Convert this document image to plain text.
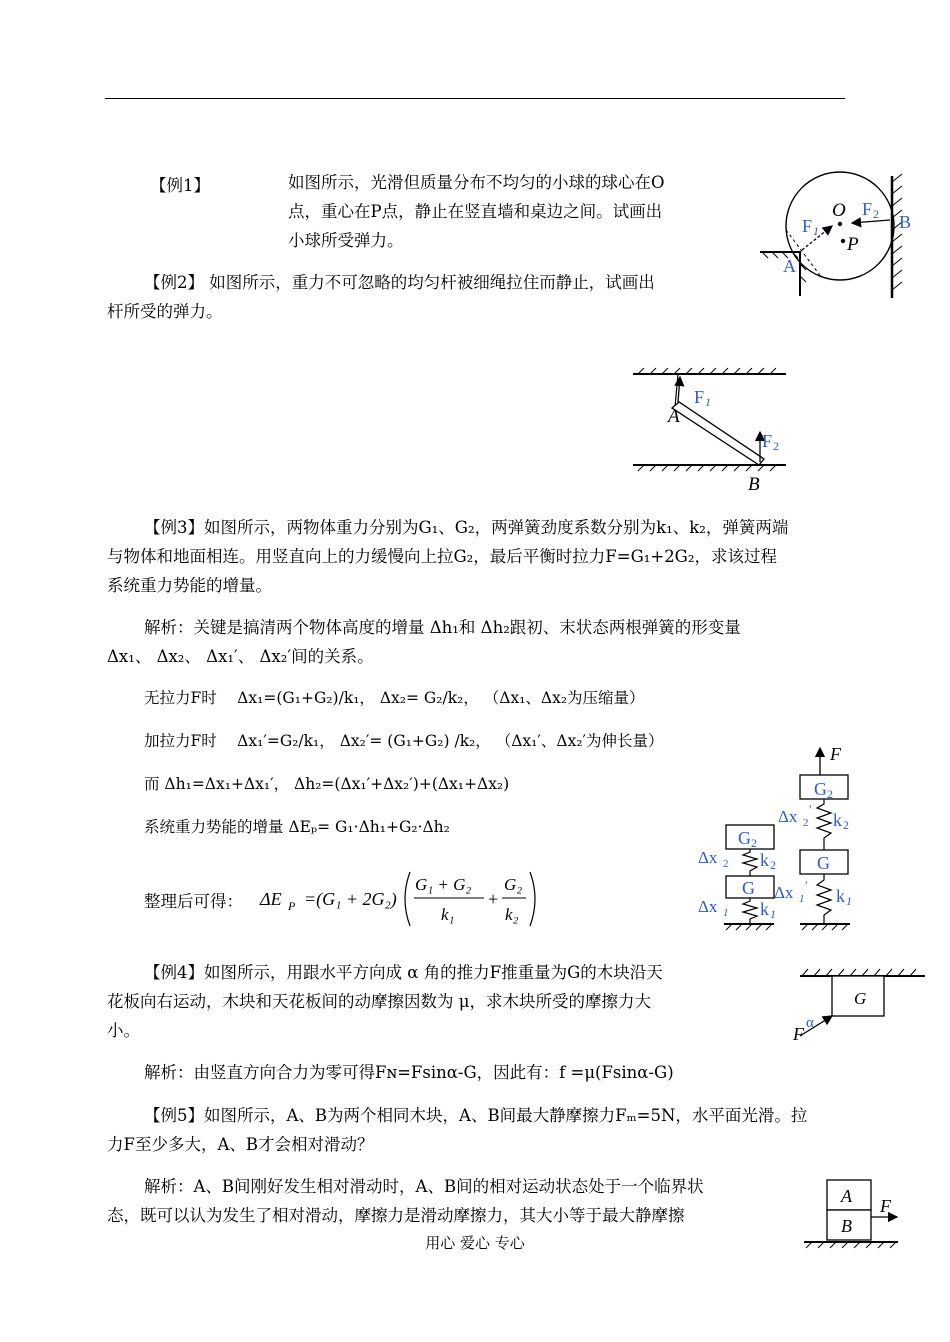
【例1】	如图所示，光滑但质量分布不均匀的小球的球心在O

点，重心在P点，静止在竖直墙和桌边之间。试画出

小球所受弹力。

【例2】 如图所示，重力不可忽略的均匀杆被细绳拉住而静止，试画出

杆所受的弹力。

【例3】如图所示，两物体重力分别为G₁、G₂，两弹簧劲度系数分别为k₁、k₂，弹簧两端

与物体和地面相连。用竖直向上的力缓慢向上拉G₂，最后平衡时拉力F=G₁+2G₂，求该过程

系统重力势能的增量。

解析：关键是搞清两个物体高度的增量 Δh₁和 Δh₂跟初、末状态两根弹簧的形变量

Δx₁、 Δx₂、 Δx₁′、 Δx₂′间的关系。

无拉力F时 　Δx₁=(G₁+G₂)/k₁， Δx₂= G₂/k₂， （Δx₁、Δx₂为压缩量）

加拉力F时 　Δx₁′=G₂/k₁， Δx₂′= (G₁+G₂) /k₂， （Δx₁′、Δx₂′为伸长量）

而 Δh₁=Δx₁+Δx₁′， Δh₂=(Δx₁′+Δx₂′)+(Δx₁+Δx₂)

系统重力势能的增量 ΔEₚ= G₁·Δh₁+G₂·Δh₂

整理后可得： ΔE P =(G₁ + 2G₂)
G₁ + G₂
k₁
+
G₂
k₂

【例4】如图所示，用跟水平方向成 α 角的推力F推重量为G的木块沿天

花板向右运动，木块和天花板间的动摩擦因数为 μ，求木块所受的摩擦力大

小。

解析：由竖直方向合力为零可得Fɴ=Fsinα-G，因此有：f =μ(Fsinα-G)

【例5】如图所示，A、B为两个相同木块，A、B间最大静摩擦力Fₘ=5N，水平面光滑。拉

力F至少多大，A、B才会相对滑动？

解析：A、B间刚好发生相对滑动时，A、B间的相对运动状态处于一个临界状

态，既可以认为发生了相对滑动，摩擦力是滑动摩擦力，其大小等于最大静摩擦

用心 爱心 专心
O
P
A
B
F 1
F 2
F 1
A
F 2
B
F
G 2
Δx 2
′
k 2
G
Δx 1
′
k 1
G 2
Δx 2 k 2
G
Δx 1 k 1
G
F
α
A
B
F
